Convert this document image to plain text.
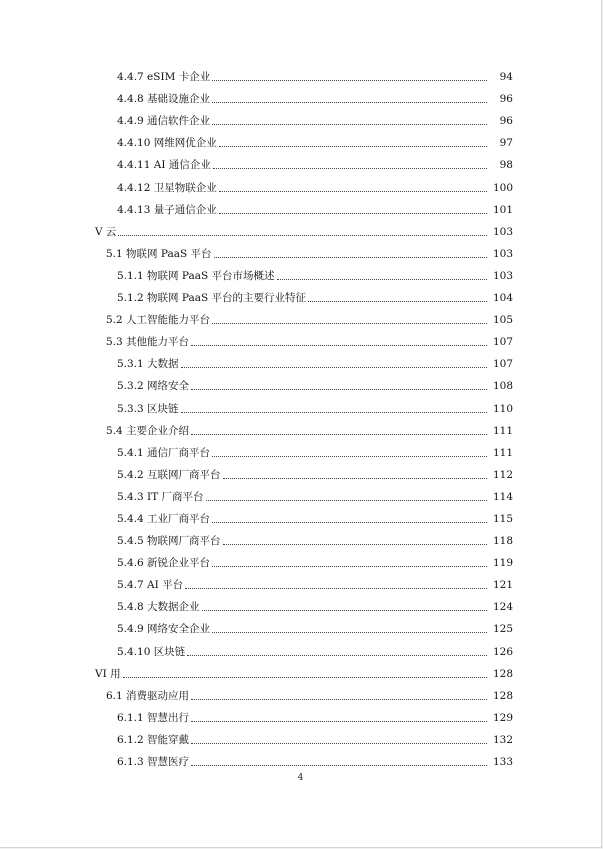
4.4.7 eSIM 卡企业	94
4.4.8 基础设施企业	96
4.4.9 通信软件企业	96
4.4.10 网维网优企业	97
4.4.11 AI 通信企业	98
4.4.12 卫星物联企业	100
4.4.13 量子通信企业	101
V 云	103
5.1 物联网 PaaS 平台	103
5.1.1 物联网 PaaS 平台市场概述	103
5.1.2 物联网 PaaS 平台的主要行业特征	104
5.2 人工智能能力平台	105
5.3 其他能力平台	107
5.3.1 大数据	107
5.3.2 网络安全	108
5.3.3 区块链	110
5.4 主要企业介绍	111
5.4.1 通信厂商平台	111
5.4.2 互联网厂商平台	112
5.4.3 IT 厂商平台	114
5.4.4 工业厂商平台	115
5.4.5 物联网厂商平台	118
5.4.6 新锐企业平台	119
5.4.7 AI 平台	121
5.4.8 大数据企业	124
5.4.9 网络安全企业	125
5.4.10 区块链	126
VI 用	128
6.1 消费驱动应用	128
6.1.1 智慧出行	129
6.1.2 智能穿戴	132
6.1.3 智慧医疗	133
4
